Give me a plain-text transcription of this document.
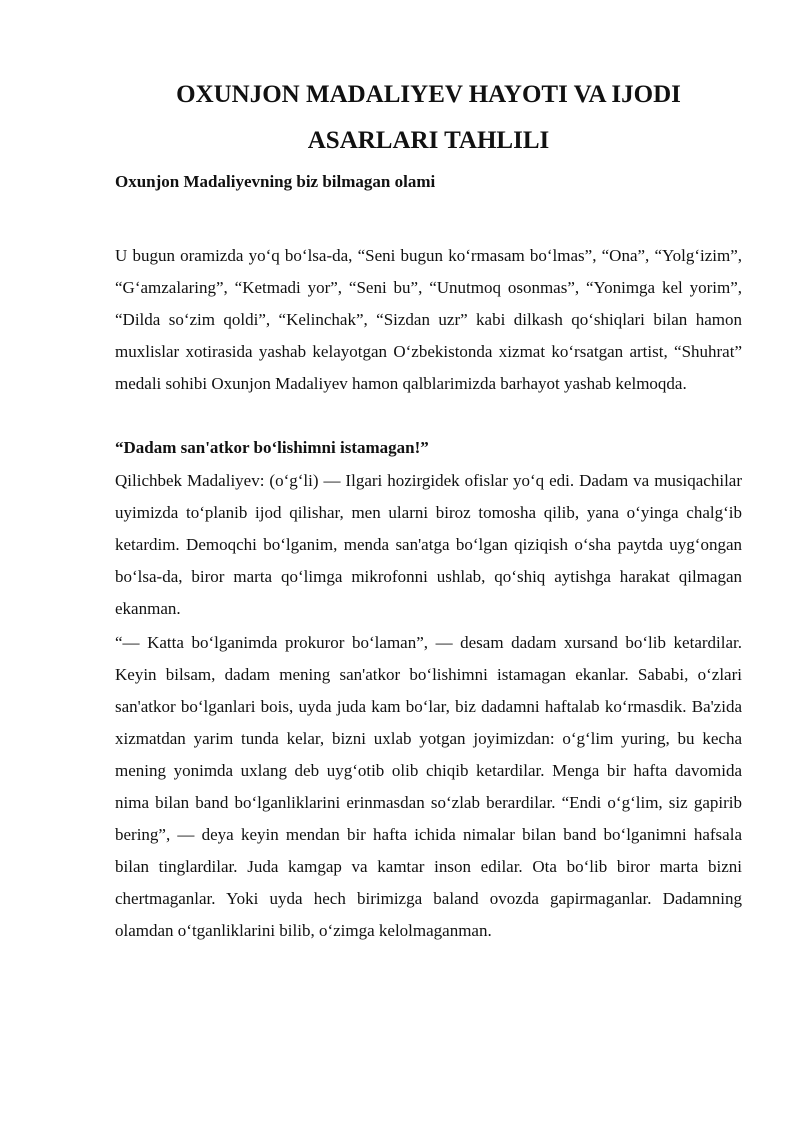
OXUNJON MADALIYEV HAYOTI VA IJODI
ASARLARI TAHLILI
Oxunjon Madaliyevning biz bilmagan olami

U bugun oramizda yo‘q bo‘lsa-da, “Seni bugun ko‘rmasam bo‘lmas”, “Ona”, “Yolg‘izim”, “G‘amzalaring”, “Ketmadi yor”, “Seni bu”, “Unutmoq osonmas”, “Yonimga kel yorim”, “Dilda so‘zim qoldi”, “Kelinchak”, “Sizdan uzr” kabi dilkash qo‘shiqlari bilan hamon muxlislar xotirasida yashab kelayotgan O‘zbekistonda xizmat ko‘rsatgan artist, “Shuhrat” medali sohibi Oxunjon Madaliyev hamon qalblarimizda barhayot yashab kelmoqda.

“Dadam san'atkor bo‘lishimni istamagan!”

Qilichbek Madaliyev: (o‘g‘li) — Ilgari hozirgidek ofislar yo‘q edi. Dadam va musiqachilar uyimizda to‘planib ijod qilishar, men ularni biroz tomosha qilib, yana o‘yinga chalg‘ib ketardim. Demoqchi bo‘lganim, menda san'atga bo‘lgan qiziqish o‘sha paytda uyg‘ongan bo‘lsa-da, biror marta qo‘limga mikrofonni ushlab, qo‘shiq aytishga harakat qilmagan ekanman.

“— Katta bo‘lganimda prokuror bo‘laman”, — desam dadam xursand bo‘lib ketardilar. Keyin bilsam, dadam mening san'atkor bo‘lishimni istamagan ekanlar. Sababi, o‘zlari san'atkor bo‘lganlari bois, uyda juda kam bo‘lar, biz dadamni haftalab ko‘rmasdik. Ba'zida xizmatdan yarim tunda kelar, bizni uxlab yotgan joyimizdan: o‘g‘lim yuring, bu kecha mening yonimda uxlang deb uyg‘otib olib chiqib ketardilar. Menga bir hafta davomida nima bilan band bo‘lganliklarini erinmasdan so‘zlab berardilar. “Endi o‘g‘lim, siz gapirib bering”, — deya keyin mendan bir hafta ichida nimalar bilan band bo‘lganimni hafsala bilan tinglardilar. Juda kamgap va kamtar inson edilar. Ota bo‘lib biror marta bizni chertmaganlar. Yoki uyda hech birimizga baland ovozda gapirmaganlar. Dadamning olamdan o‘tganliklarini bilib, o‘zimga kelolmaganman.
